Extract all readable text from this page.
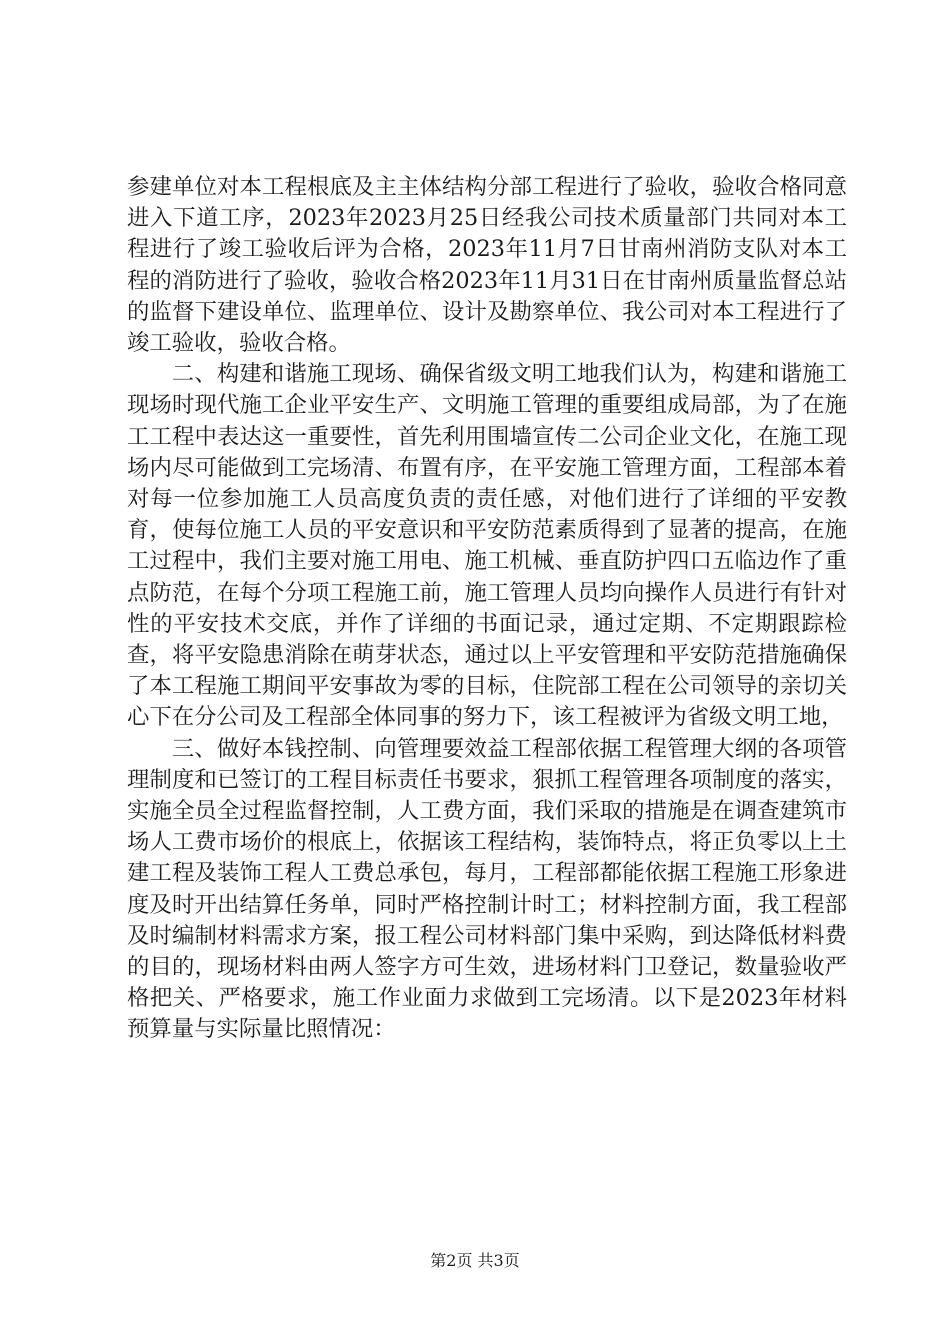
参建单位对本工程根底及主主体结构分部工程进行了验收，验收合格同意进入下道工序，2023年2023月25日经我公司技术质量部门共同对本工程进行了竣工验收后评为合格，2023年11月7日甘南州消防支队对本工程的消防进行了验收，验收合格2023年11月31日在甘南州质量监督总站的监督下建设单位、监理单位、设计及勘察单位、我公司对本工程进行了竣工验收，验收合格。

二、构建和谐施工现场、确保省级文明工地我们认为，构建和谐施工现场时现代施工企业平安生产、文明施工管理的重要组成局部，为了在施工工程中表达这一重要性，首先利用围墙宣传二公司企业文化，在施工现场内尽可能做到工完场清、布置有序，在平安施工管理方面，工程部本着对每一位参加施工人员高度负责的责任感，对他们进行了详细的平安教育，使每位施工人员的平安意识和平安防范素质得到了显著的提高，在施工过程中，我们主要对施工用电、施工机械、垂直防护四口五临边作了重点防范，在每个分项工程施工前，施工管理人员均向操作人员进行有针对性的平安技术交底，并作了详细的书面记录，通过定期、不定期跟踪检查，将平安隐患消除在萌芽状态，通过以上平安管理和平安防范措施确保了本工程施工期间平安事故为零的目标，住院部工程在公司领导的亲切关心下在分公司及工程部全体同事的努力下，该工程被评为省级文明工地，

三、做好本钱控制、向管理要效益工程部依据工程管理大纲的各项管理制度和已签订的工程目标责任书要求，狠抓工程管理各项制度的落实，实施全员全过程监督控制，人工费方面，我们采取的措施是在调查建筑市场人工费市场价的根底上，依据该工程结构，装饰特点，将正负零以上土建工程及装饰工程人工费总承包，每月，工程部都能依据工程施工形象进度及时开出结算任务单，同时严格控制计时工；材料控制方面，我工程部及时编制材料需求方案，报工程公司材料部门集中采购，到达降低材料费的目的，现场材料由两人签字方可生效，进场材料门卫登记，数量验收严格把关、严格要求，施工作业面力求做到工完场清。以下是2023年材料预算量与实际量比照情况：

第2页 共3页
